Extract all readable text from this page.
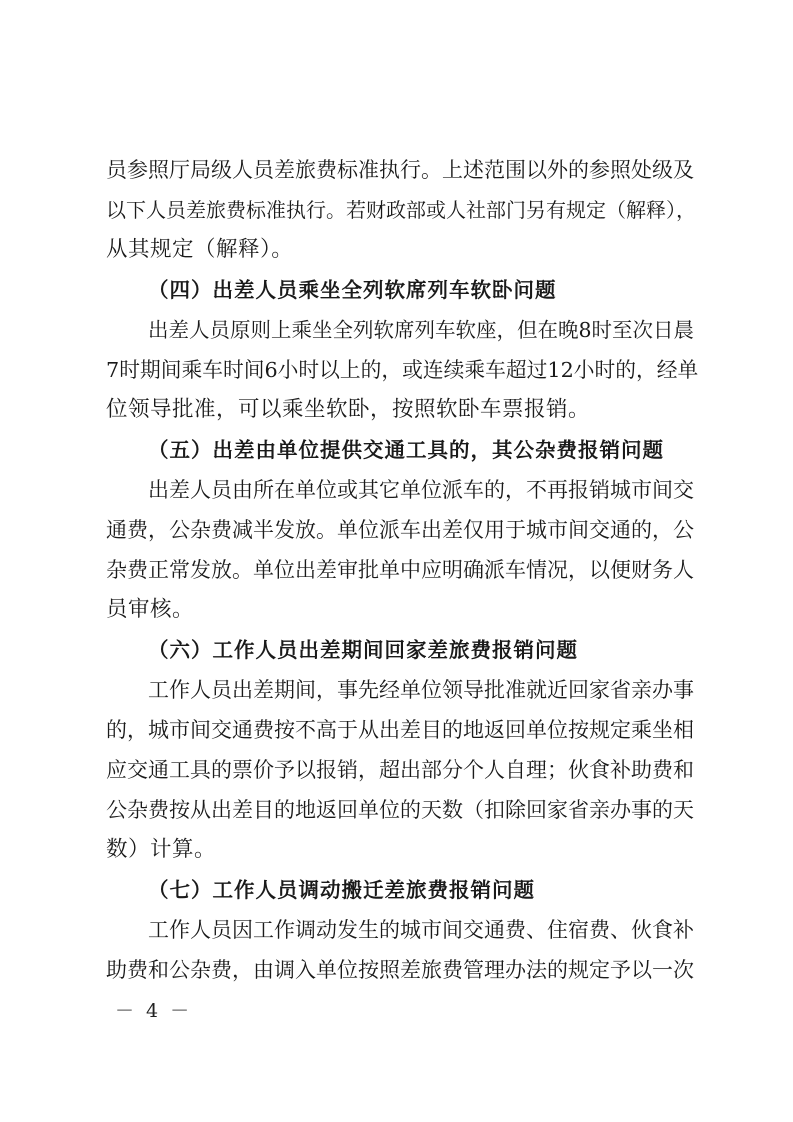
员参照厅局级人员差旅费标准执行。上述范围以外的参照处级及
以下人员差旅费标准执行。若财政部或人社部门另有规定（解释），
从其规定（解释）。
（四）出差人员乘坐全列软席列车软卧问题
出差人员原则上乘坐全列软席列车软座，但在晚8时至次日晨
7时期间乘车时间6小时以上的，或连续乘车超过12小时的，经单
位领导批准，可以乘坐软卧，按照软卧车票报销。
（五）出差由单位提供交通工具的，其公杂费报销问题
出差人员由所在单位或其它单位派车的，不再报销城市间交
通费，公杂费减半发放。单位派车出差仅用于城市间交通的，公
杂费正常发放。单位出差审批单中应明确派车情况，以便财务人
员审核。
（六）工作人员出差期间回家差旅费报销问题
工作人员出差期间，事先经单位领导批准就近回家省亲办事
的，城市间交通费按不高于从出差目的地返回单位按规定乘坐相
应交通工具的票价予以报销，超出部分个人自理；伙食补助费和
公杂费按从出差目的地返回单位的天数（扣除回家省亲办事的天
数）计算。
（七）工作人员调动搬迁差旅费报销问题
工作人员因工作调动发生的城市间交通费、住宿费、伙食补
助费和公杂费，由调入单位按照差旅费管理办法的规定予以一次
－ 4 －
